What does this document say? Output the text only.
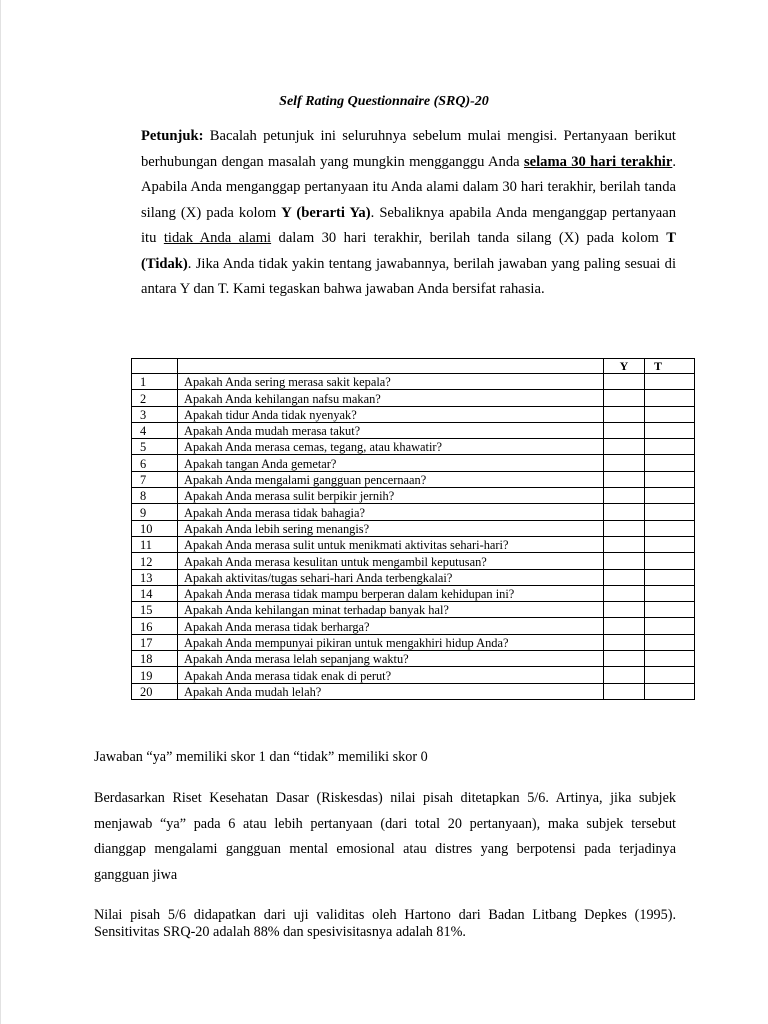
Self Rating Questionnaire (SRQ)-20
Petunjuk: Bacalah petunjuk ini seluruhnya sebelum mulai mengisi. Pertanyaan berikut berhubungan dengan masalah yang mungkin mengganggu Anda selama 30 hari terakhir. Apabila Anda menganggap pertanyaan itu Anda alami dalam 30 hari terakhir, berilah tanda silang (X) pada kolom Y (berarti Ya). Sebaliknya apabila Anda menganggap pertanyaan itu tidak Anda alami dalam 30 hari terakhir, berilah tanda silang (X) pada kolom T (Tidak). Jika Anda tidak yakin tentang jawabannya, berilah jawaban yang paling sesuai di antara Y dan T. Kami tegaskan bahwa jawaban Anda bersifat rahasia.
		Y	T
1	Apakah Anda sering merasa sakit kepala?		
2	Apakah Anda kehilangan nafsu makan?		
3	Apakah tidur Anda tidak nyenyak?		
4	Apakah Anda mudah merasa takut?		
5	Apakah Anda merasa cemas, tegang, atau khawatir?		
6	Apakah tangan Anda gemetar?		
7	Apakah Anda mengalami gangguan pencernaan?		
8	Apakah Anda merasa sulit berpikir jernih?		
9	Apakah Anda merasa tidak bahagia?		
10	Apakah Anda lebih sering menangis?		
11	Apakah Anda merasa sulit untuk menikmati aktivitas sehari-hari?		
12	Apakah Anda merasa kesulitan untuk mengambil keputusan?		
13	Apakah aktivitas/tugas sehari-hari Anda terbengkalai?		
14	Apakah Anda merasa tidak mampu berperan dalam kehidupan ini?		
15	Apakah Anda kehilangan minat terhadap banyak hal?		
16	Apakah Anda merasa tidak berharga?		
17	Apakah Anda mempunyai pikiran untuk mengakhiri hidup Anda?		
18	Apakah Anda merasa lelah sepanjang waktu?		
19	Apakah Anda merasa tidak enak di perut?		
20	Apakah Anda mudah lelah?		
Jawaban “ya” memiliki skor 1 dan “tidak” memiliki skor 0
Berdasarkan Riset Kesehatan Dasar (Riskesdas) nilai pisah ditetapkan 5/6. Artinya, jika subjek menjawab “ya” pada 6 atau lebih pertanyaan (dari total 20 pertanyaan), maka subjek tersebut dianggap mengalami gangguan mental emosional atau distres yang berpotensi pada terjadinya gangguan jiwa
Nilai pisah 5/6 didapatkan dari uji validitas oleh Hartono dari Badan Litbang Depkes (1995). Sensitivitas SRQ-20 adalah 88% dan spesivisitasnya adalah 81%.
